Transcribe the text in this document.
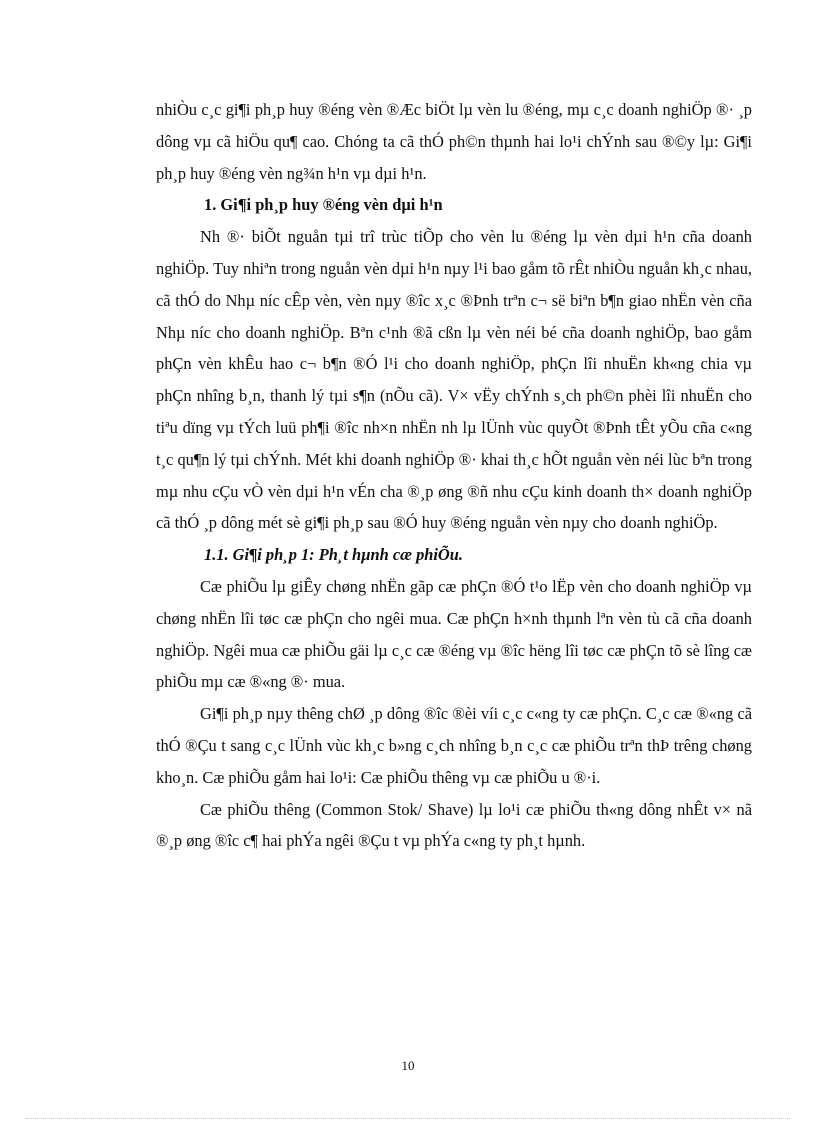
nhiÒu c¸c gi¶i ph¸p huy ®éng vèn ®Æc biÖt lµ vèn lu ®éng, mµ c¸c doanh nghiÖp ®· ¸p dông vµ cã hiÖu qu¶ cao. Chóng ta cã thÓ ph©n thµnh hai lo¹i chÝnh sau ®©y lµ: Gi¶i ph¸p huy ®éng vèn ng¾n h¹n vµ dµi h¹n.

1. Gi¶i ph¸p huy ®éng vèn dµi h¹n

Nh ®· biÕt nguån tµi trî trùc tiÕp cho vèn lu ®éng lµ vèn dµi h¹n cña doanh nghiÖp. Tuy nhiªn trong nguån vèn dµi h¹n nµy l¹i bao gåm tõ rÊt nhiÒu nguån kh¸c nhau, cã thÓ do Nhµ níc cÊp vèn, vèn nµy ®îc x¸c ®Þnh trªn c¬ së biªn b¶n giao nhËn vèn cña Nhµ níc cho doanh nghiÖp. Bªn c¹nh ®ã cßn lµ vèn néi bé cña doanh nghiÖp, bao gåm phÇn vèn khÊu hao c¬ b¶n ®Ó l¹i cho doanh nghiÖp, phÇn lîi nhuËn kh«ng chia vµ phÇn nhîng b¸n, thanh lý tµi s¶n (nÕu cã). V× vËy chÝnh s¸ch ph©n phèi lîi nhuËn cho tiªu dïng vµ tÝch luü ph¶i ®îc nh×n nhËn nh lµ lÜnh vùc quyÕt ®Þnh tÊt yÕu cña c«ng t¸c qu¶n lý tµi chÝnh. Mét khi doanh nghiÖp ®· khai th¸c hÕt nguån vèn néi lùc bªn trong mµ nhu cÇu vÒ vèn dµi h¹n vÉn cha ®¸p øng ®ñ nhu cÇu kinh doanh th× doanh nghiÖp cã thÓ ¸p dông mét sè gi¶i ph¸p sau ®Ó huy ®éng nguån vèn nµy cho doanh nghiÖp.

1.1. Gi¶i ph¸p 1: Ph¸t hµnh cæ phiÕu.

Cæ phiÕu lµ giÊy chøng nhËn gãp cæ phÇn ®Ó t¹o lËp vèn cho doanh nghiÖp vµ chøng nhËn lîi tøc cæ phÇn cho ngêi mua. Cæ phÇn h×nh thµnh lªn vèn tù cã cña doanh nghiÖp. Ngêi mua cæ phiÕu gäi lµ c¸c cæ ®éng vµ ®îc hëng lîi tøc cæ phÇn tõ sè lîng cæ phiÕu mµ cæ ®«ng ®· mua.

Gi¶i ph¸p nµy thêng chØ ¸p dông ®îc ®èi víi c¸c c«ng ty cæ phÇn. C¸c cæ ®«ng cã thÓ ®Çu t sang c¸c lÜnh vùc kh¸c b»ng c¸ch nhîng b¸n c¸c cæ phiÕu trªn thÞ trêng chøng kho¸n. Cæ phiÕu gåm hai lo¹i: Cæ phiÕu thêng vµ cæ phiÕu u ®·i.

Cæ phiÕu thêng (Common Stok/ Shave) lµ lo¹i cæ phiÕu th«ng dông nhÊt v× nã ®¸p øng ®îc c¶ hai phÝa ngêi ®Çu t vµ phÝa c«ng ty ph¸t hµnh.

10
